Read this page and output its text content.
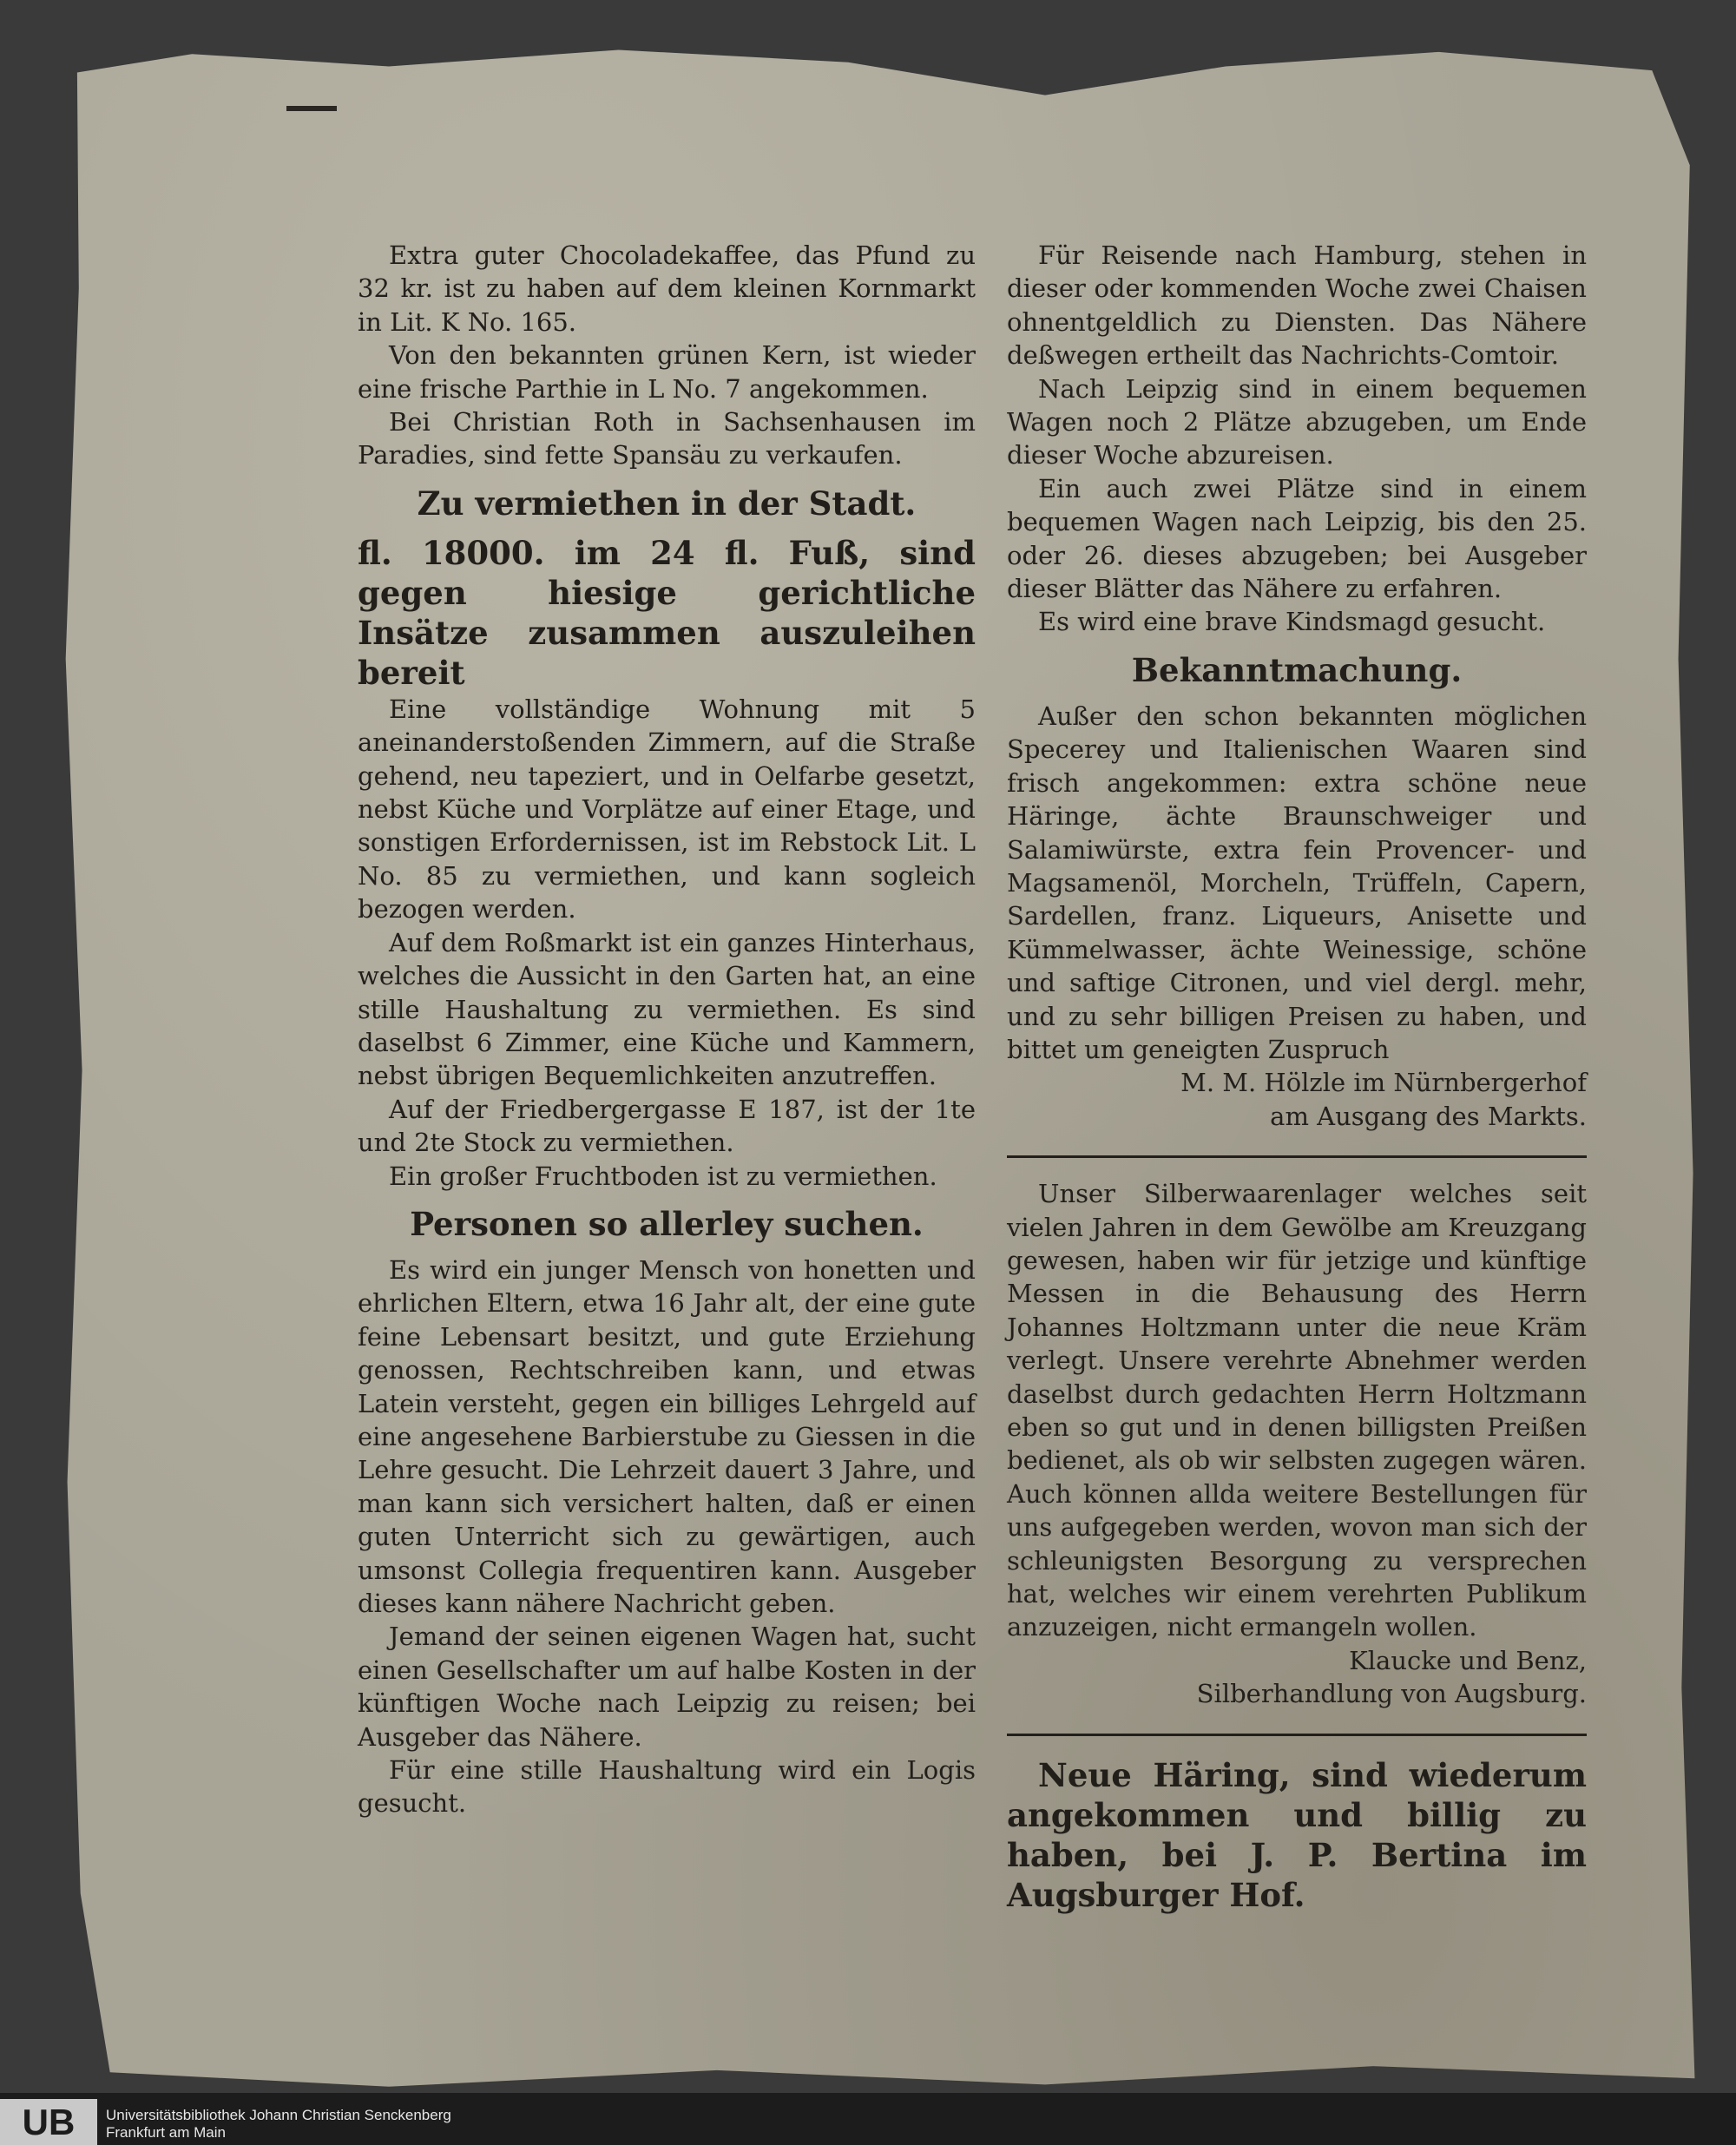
Extra guter Chocoladekaffee, das Pfund zu 32 kr. ist zu haben auf dem kleinen Kornmarkt in Lit. K No. 165.

Von den bekannten grünen Kern, ist wieder eine frische Parthie in L No. 7 angekommen.

Bei Christian Roth in Sachsenhausen im Paradies, sind fette Spansäu zu verkaufen.

Zu vermiethen in der Stadt.

fl. 18000. im 24 fl. Fuß, sind gegen hiesige gerichtliche Insätze zusammen auszuleihen bereit

Eine vollständige Wohnung mit 5 aneinanderstoßenden Zimmern, auf die Straße gehend, neu tapeziert, und in Oelfarbe gesetzt, nebst Küche und Vorplätze auf einer Etage, und sonstigen Erfordernissen, ist im Rebstock Lit. L No. 85 zu vermiethen, und kann sogleich bezogen werden.

Auf dem Roßmarkt ist ein ganzes Hinterhaus, welches die Aussicht in den Garten hat, an eine stille Haushaltung zu vermiethen. Es sind daselbst 6 Zimmer, eine Küche und Kammern, nebst übrigen Bequemlichkeiten anzutreffen.

Auf der Friedbergergasse E 187, ist der 1te und 2te Stock zu vermiethen.

Ein großer Fruchtboden ist zu vermiethen.

Personen so allerley suchen.

Es wird ein junger Mensch von honetten und ehrlichen Eltern, etwa 16 Jahr alt, der eine gute feine Lebensart besitzt, und gute Erziehung genossen, Rechtschreiben kann, und etwas Latein versteht, gegen ein billiges Lehrgeld auf eine angesehene Barbierstube zu Giessen in die Lehre gesucht. Die Lehrzeit dauert 3 Jahre, und man kann sich versichert halten, daß er einen guten Unterricht sich zu gewärtigen, auch umsonst Collegia frequentiren kann. Ausgeber dieses kann nähere Nachricht geben.

Jemand der seinen eigenen Wagen hat, sucht einen Gesellschafter um auf halbe Kosten in der künftigen Woche nach Leipzig zu reisen; bei Ausgeber das Nähere.

Für eine stille Haushaltung wird ein Logis gesucht.

Für Reisende nach Hamburg, stehen in dieser oder kommenden Woche zwei Chaisen ohnentgeldlich zu Diensten. Das Nähere deßwegen ertheilt das Nachrichts-Comtoir.

Nach Leipzig sind in einem bequemen Wagen noch 2 Plätze abzugeben, um Ende dieser Woche abzureisen.

Ein auch zwei Plätze sind in einem bequemen Wagen nach Leipzig, bis den 25. oder 26. dieses abzugeben; bei Ausgeber dieser Blätter das Nähere zu erfahren.

Es wird eine brave Kindsmagd gesucht.

Bekanntmachung.

Außer den schon bekannten möglichen Specerey und Italienischen Waaren sind frisch angekommen: extra schöne neue Häringe, ächte Braunschweiger und Salamiwürste, extra fein Provencer- und Magsamenöl, Morcheln, Trüffeln, Capern, Sardellen, franz. Liqueurs, Anisette und Kümmelwasser, ächte Weinessige, schöne und saftige Citronen, und viel dergl. mehr, und zu sehr billigen Preisen zu haben, und bittet um geneigten Zuspruch

M. M. Hölzle im Nürnbergerhof

am Ausgang des Markts.

Unser Silberwaarenlager welches seit vielen Jahren in dem Gewölbe am Kreuzgang gewesen, haben wir für jetzige und künftige Messen in die Behausung des Herrn Johannes Holtzmann unter die neue Kräm verlegt. Unsere verehrte Abnehmer werden daselbst durch gedachten Herrn Holtzmann eben so gut und in denen billigsten Preißen bedienet, als ob wir selbsten zugegen wären. Auch können allda weitere Bestellungen für uns aufgegeben werden, wovon man sich der schleunigsten Besorgung zu versprechen hat, welches wir einem verehrten Publikum anzuzeigen, nicht ermangeln wollen.

Klaucke und Benz,

Silberhandlung von Augsburg.

Neue Häring, sind wiederum angekommen und billig zu haben, bei J. P. Bertina im Augsburger Hof.

UB	Universitätsbibliothek Johann Christian Senckenberg
Frankfurt am Main
